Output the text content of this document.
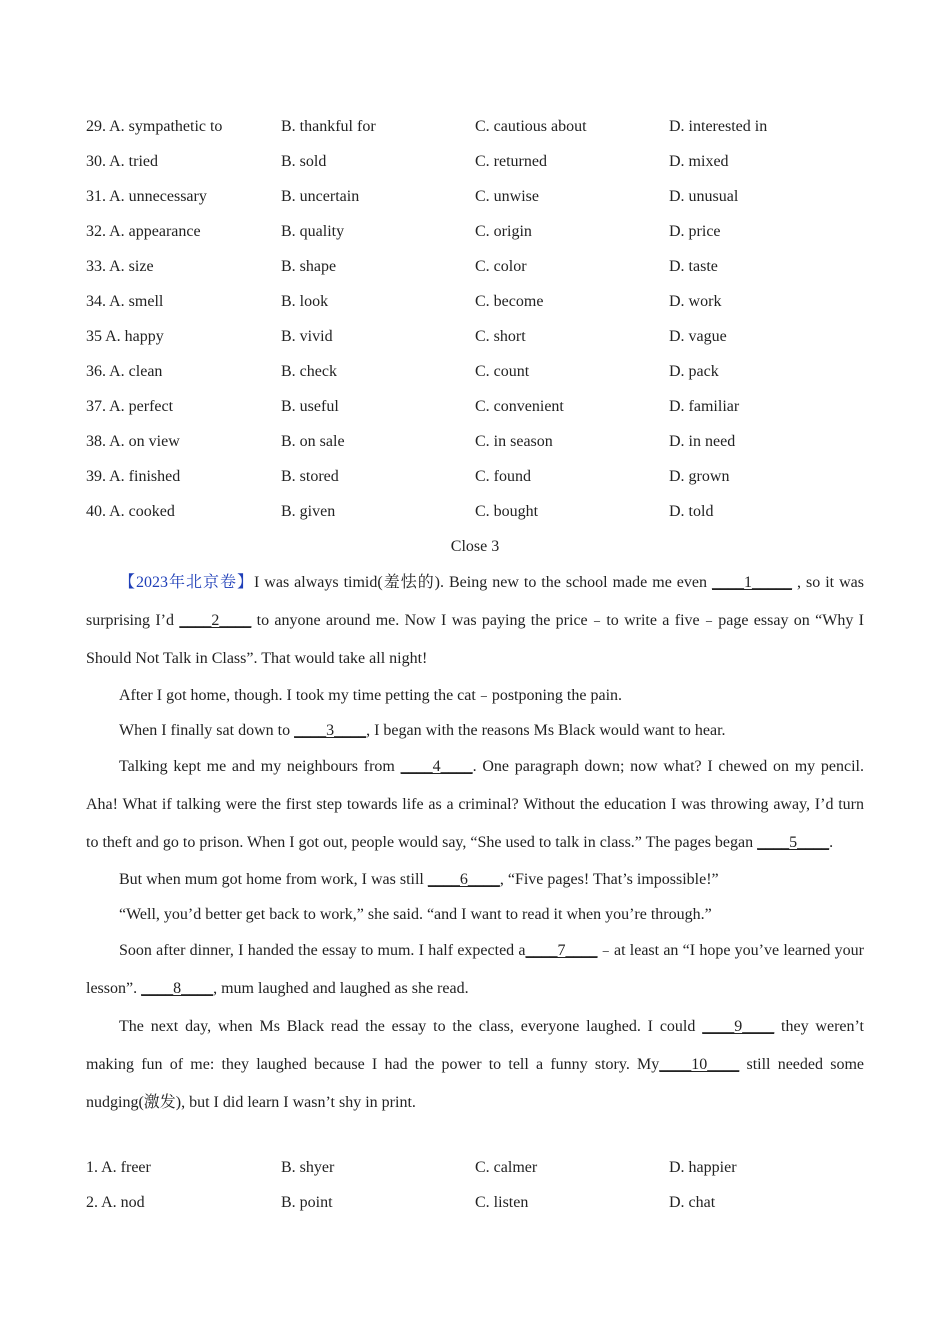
29. A. sympathetic to	B. thankful for	C. cautious about	D. interested in
30. A. tried	B. sold	C. returned	D. mixed
31. A. unnecessary	B. uncertain	C. unwise	D. unusual
32. A. appearance	B. quality	C. origin	D. price
33. A. size	B. shape	C. color	D. taste
34. A. smell	B. look	C. become	D. work
35 A. happy	B. vivid	C. short	D. vague
36. A. clean	B. check	C. count	D. pack
37. A. perfect	B. useful	C. convenient	D. familiar
38. A. on view	B. on sale	C. in season	D. in need
39. A. finished	B. stored	C. found	D. grown
40. A. cooked	B. given	C. bought	D. told
Close 3

【2023年北京卷】I was always timid(羞怯的). Being new to the school made me even ____1_____ , so it was surprising I’d ____2____ to anyone around me. Now I was paying the price﹣to write a five﹣page essay on “Why I Should Not Talk in Class”. That would take all night!

After I got home, though. I took my time petting the cat﹣postponing the pain.

When I finally sat down to ____3____, I began with the reasons Ms Black would want to hear.

Talking kept me and my neighbours from ____4____. One paragraph down; now what? I chewed on my pencil. Aha! What if talking were the first step towards life as a criminal? Without the education I was throwing away, I’d turn to theft and go to prison. When I got out, people would say, “She used to talk in class.” The pages began ____5____.

But when mum got home from work, I was still ____6____, “Five pages! That’s impossible!”

“Well, you’d better get back to work,” she said. “and I want to read it when you’re through.”

Soon after dinner, I handed the essay to mum. I half expected a____7____﹣at least an “I hope you’ve learned your lesson”. ____8____, mum laughed and laughed as she read.

The next day, when Ms Black read the essay to the class, everyone laughed. I could ____9____ they weren’t making fun of me: they laughed because I had the power to tell a funny story. My____10____ still needed some nudging(激发), but I did learn I wasn’t shy in print.

1. A. freer	B. shyer	C. calmer	D. happier
2. A. nod	B. point	C. listen	D. chat
